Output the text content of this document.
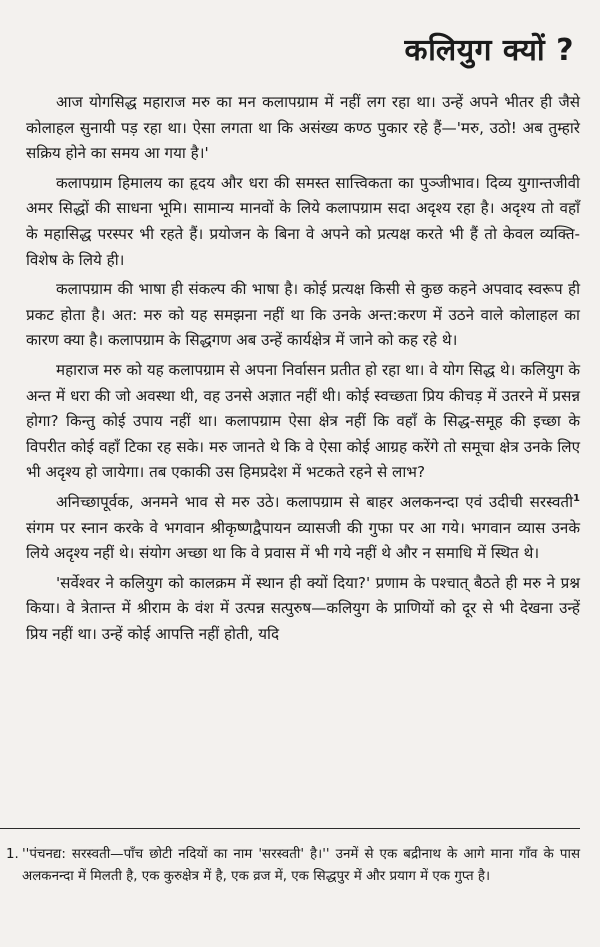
कलियुग क्यों ?

आज योगसिद्ध महाराज मरु का मन कलापग्राम में नहीं लग रहा था। उन्हें अपने भीतर ही जैसे कोलाहल सुनायी पड़ रहा था। ऐसा लगता था कि असंख्य कण्ठ पुकार रहे हैं—'मरु, उठो! अब तुम्हारे सक्रिय होने का समय आ गया है।'

कलापग्राम हिमालय का हृदय और धरा की समस्त सात्त्विकता का पुञ्जीभाव। दिव्य युगान्तजीवी अमर सिद्धों की साधना भूमि। सामान्य मानवों के लिये कलापग्राम सदा अदृश्य रहा है। अदृश्य तो वहाँ के महासिद्ध परस्पर भी रहते हैं। प्रयोजन के बिना वे अपने को प्रत्यक्ष करते भी हैं तो केवल व्यक्ति-विशेष के लिये ही।

कलापग्राम की भाषा ही संकल्प की भाषा है। कोई प्रत्यक्ष किसी से कुछ कहने अपवाद स्वरूप ही प्रकट होता है। अत: मरु को यह समझना नहीं था कि उनके अन्त:करण में उठने वाले कोलाहल का कारण क्या है। कलापग्राम के सिद्धगण अब उन्हें कार्यक्षेत्र में जाने को कह रहे थे।

महाराज मरु को यह कलापग्राम से अपना निर्वासन प्रतीत हो रहा था। वे योग सिद्ध थे। कलियुग के अन्त में धरा की जो अवस्था थी, वह उनसे अज्ञात नहीं थी। कोई स्वच्छता प्रिय कीचड़ में उतरने में प्रसन्न होगा? किन्तु कोई उपाय नहीं था। कलापग्राम ऐसा क्षेत्र नहीं कि वहाँ के सिद्ध-समूह की इच्छा के विपरीत कोई वहाँ टिका रह सके। मरु जानते थे कि वे ऐसा कोई आग्रह करेंगे तो समूचा क्षेत्र उनके लिए भी अदृश्य हो जायेगा। तब एकाकी उस हिमप्रदेश में भटकते रहने से लाभ?

अनिच्छापूर्वक, अनमने भाव से मरु उठे। कलापग्राम से बाहर अलकनन्दा एवं उदीची सरस्वती$^1$ संगम पर स्नान करके वे भगवान श्रीकृष्णद्वैपायन व्यासजी की गुफा पर आ गये। भगवान व्यास उनके लिये अदृश्य नहीं थे। संयोग अच्छा था कि वे प्रवास में भी गये नहीं थे और न समाधि में स्थित थे।

'सर्वेश्वर ने कलियुग को कालक्रम में स्थान ही क्यों दिया?' प्रणाम के पश्चात् बैठते ही मरु ने प्रश्न किया। वे त्रेतान्त में श्रीराम के वंश में उत्पन्न सत्पुरुष—कलियुग के प्राणियों को दूर से भी देखना उन्हें प्रिय नहीं था। उन्हें कोई आपत्ति नहीं होती, यदि

1. ''पंचनद्य: सरस्वती—पाँच छोटी नदियों का नाम 'सरस्वती' है।'' उनमें से एक बद्रीनाथ के आगे माना गाँव के पास अलकनन्दा में मिलती है, एक कुरुक्षेत्र में है, एक व्रज में, एक सिद्धपुर में और प्रयाग में एक गुप्त है।
